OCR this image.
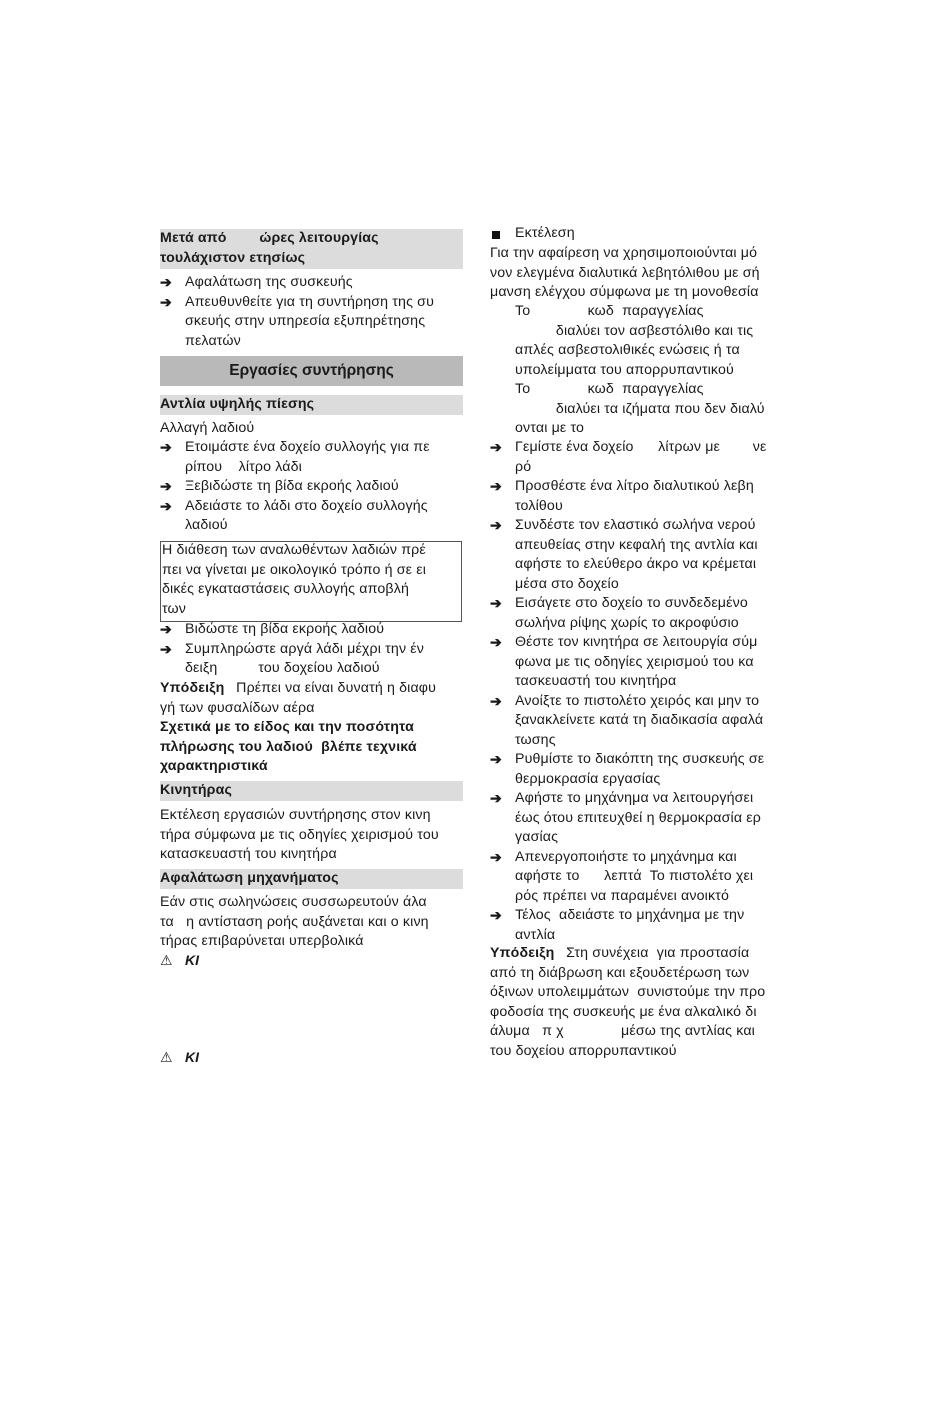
Μετά από        ώρες λειτουργίας
τουλάχιστον ετησίως
➔ Αφαλάτωση της συσκευής
➔ Απευθυνθείτε για τη συντήρηση της συ
σκευής στην υπηρεσία εξυπηρέτησης
πελατών
Εργασίες συντήρησης
Αντλία υψηλής πίεσης
Αλλαγή λαδιού
➔ Ετοιμάστε ένα δοχείο συλλογής για πε
ρίπου    λίτρο λάδι
➔ Ξεβιδώστε τη βίδα εκροής λαδιού
➔ Αδειάστε το λάδι στο δοχείο συλλογής
λαδιού
Η διάθεση των αναλωθέντων λαδιών πρέ
πει να γίνεται με οικολογικό τρόπο ή σε ει
δικές εγκαταστάσεις συλλογής αποβλή
των
➔ Βιδώστε τη βίδα εκροής λαδιού
➔ Συμπληρώστε αργά λάδι μέχρι την έν
δειξη          του δοχείου λαδιού
Υπόδειξη Πρέπει να είναι δυνατή η διαφυ
γή των φυσαλίδων αέρα
Σχετικά με το είδος και την ποσότητα
πλήρωσης του λαδιού  βλέπε τεχνικά
χαρακτηριστικά
Κινητήρας
Εκτέλεση εργασιών συντήρησης στον κινη
τήρα σύμφωνα με τις οδηγίες χειρισμού του
κατασκευαστή του κινητήρα
Αφαλάτωση μηχανήματος
Εάν στις σωληνώσεις συσσωρευτούν άλα
τα   η αντίσταση ροής αυξάνεται και ο κινη
τήρας επιβαρύνεται υπερβολικά
⚠ ΚΙ
⚠ ΚΙ
Εκτέλεση
Για την αφαίρεση να χρησιμοποιούνται μό
νον ελεγμένα διαλυτικά λεβητόλιθου με σή
μανση ελέγχου σύμφωνα με τη μονοθεσία
Το              κωδ  παραγγελίας
διαλύει τον ασβεστόλιθο και τις
απλές ασβεστολιθικές ενώσεις ή τα
υπολείμματα του απορρυπαντικού
Το              κωδ  παραγγελίας
διαλύει τα ιζήματα που δεν διαλύ
ονται με το
➔ Γεμίστε ένα δοχείο      λίτρων με        νε
ρό
➔ Προσθέστε ένα λίτρο διαλυτικού λεβη
τολίθου
➔ Συνδέστε τον ελαστικό σωλήνα νερού
απευθείας στην κεφαλή της αντλία και
αφήστε το ελεύθερο άκρο να κρέμεται
μέσα στο δοχείο
➔ Εισάγετε στο δοχείο το συνδεδεμένο
σωλήνα ρίψης χωρίς το ακροφύσιο
➔ Θέστε τον κινητήρα σε λειτουργία σύμ
φωνα με τις οδηγίες χειρισμού του κα
τασκευαστή του κινητήρα
➔ Ανοίξτε το πιστολέτο χειρός και μην το
ξανακλείνετε κατά τη διαδικασία αφαλά
τωσης
➔ Ρυθμίστε το διακόπτη της συσκευής σε
θερμοκρασία εργασίας
➔ Αφήστε το μηχάνημα να λειτουργήσει
έως ότου επιτευχθεί η θερμοκρασία ερ
γασίας
➔ Απενεργοποιήστε το μηχάνημα και
αφήστε το      λεπτά  Το πιστολέτο χει
ρός πρέπει να παραμένει ανοικτό
➔ Τέλος  αδειάστε το μηχάνημα με την
αντλία
Υπόδειξη Στη συνέχεια  για προστασία
από τη διάβρωση και εξουδετέρωση των
όξινων υπολειμμάτων  συνιστούμε την προ
φοδοσία της συσκευής με ένα αλκαλικό δι
άλυμα   π χ              μέσω της αντλίας και
του δοχείου απορρυπαντικού
